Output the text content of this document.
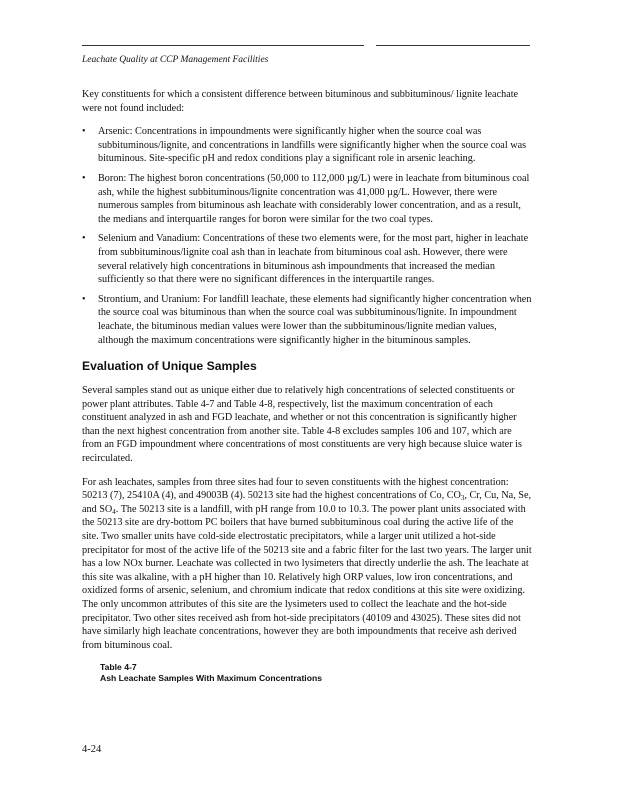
Leachate Quality at CCP Management Facilities

Key constituents for which a consistent difference between bituminous and subbituminous/ lignite leachate were not found included:

• Arsenic: Concentrations in impoundments were significantly higher when the source coal was subbituminous/lignite, and concentrations in landfills were significantly higher when the source coal was bituminous. Site-specific pH and redox conditions play a significant role in arsenic leaching.
• Boron: The highest boron concentrations (50,000 to 112,000 µg/L) were in leachate from bituminous coal ash, while the highest subbituminous/lignite concentration was 41,000 µg/L. However, there were numerous samples from bituminous ash leachate with considerably lower concentration, and as a result, the medians and interquartile ranges for boron were similar for the two coal types.
• Selenium and Vanadium: Concentrations of these two elements were, for the most part, higher in leachate from subbituminous/lignite coal ash than in leachate from bituminous coal ash. However, there were several relatively high concentrations in bituminous ash impoundments that increased the median sufficiently so that there were no significant differences in the interquartile ranges.
• Strontium, and Uranium: For landfill leachate, these elements had significantly higher concentration when the source coal was bituminous than when the source coal was subbituminous/lignite. In impoundment leachate, the bituminous median values were lower than the subbituminous/lignite median values, although the maximum concentrations were significantly higher in the bituminous samples.
Evaluation of Unique Samples

Several samples stand out as unique either due to relatively high concentrations of selected constituents or power plant attributes. Table 4-7 and Table 4-8, respectively, list the maximum concentration of each constituent analyzed in ash and FGD leachate, and whether or not this concentration is significantly higher than the next highest concentration from another site. Table 4-8 excludes samples 106 and 107, which are from an FGD impoundment where concentrations of most constituents are very high because sluice water is recirculated.

For ash leachates, samples from three sites had four to seven constituents with the highest concentration: 50213 (7), 25410A (4), and 49003B (4). 50213 site had the highest concentrations of Co, $CO_3$, Cr, Cu, Na, Se, and $SO_4$. The 50213 site is a landfill, with pH range from 10.0 to 10.3. The power plant units associated with the 50213 site are dry-bottom PC boilers that have burned subbituminous coal during the active life of the site. Two smaller units have cold-side electrostatic precipitators, while a larger unit utilized a hot-side precipitator for most of the active life of the 50213 site and a fabric filter for the last two years. The larger unit has a low NOx burner. Leachate was collected in two lysimeters that directly underlie the ash. The leachate at this site was alkaline, with a pH higher than 10. Relatively high ORP values, low iron concentrations, and oxidized forms of arsenic, selenium, and chromium indicate that redox conditions at this site were oxidizing. The only uncommon attributes of this site are the lysimeters used to collect the leachate and the hot-side precipitator. Two other sites received ash from hot-side precipitators (40109 and 43025). These sites did not have similarly high leachate concentrations, however they are both impoundments that receive ash derived from bituminous coal.

Table 4-7
Ash Leachate Samples With Maximum Concentrations
4-24
